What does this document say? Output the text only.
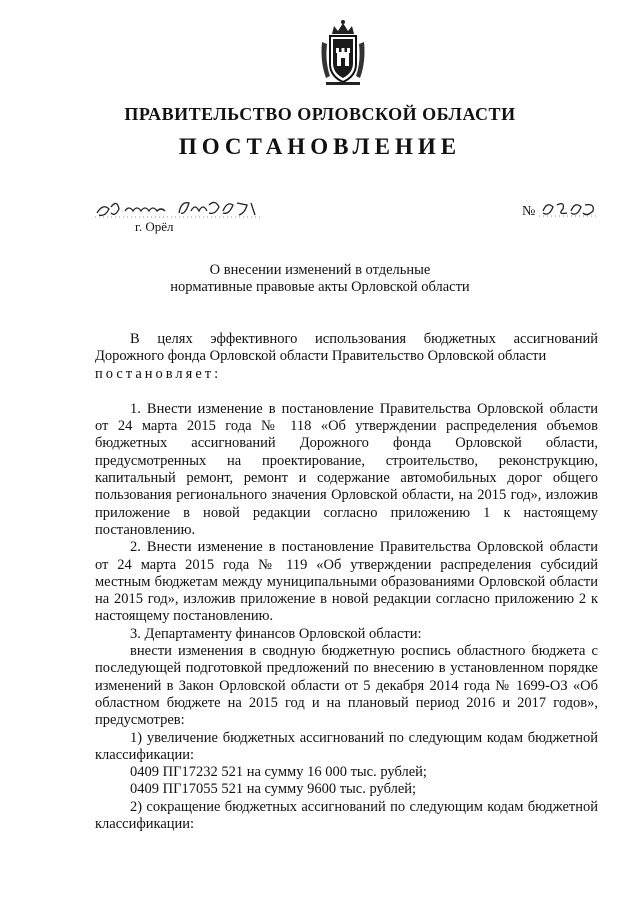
ПРАВИТЕЛЬСТВО ОРЛОВСКОЙ ОБЛАСТИ
ПОСТАНОВЛЕНИЕ
№
г. Орёл
О внесении изменений в отдельные
нормативные правовые акты Орловской области

В целях эффективного использования бюджетных ассигнований Дорожного фонда Орловской области Правительство Орловской области

постановляет:

1. Внести изменение в постановление Правительства Орловской области от 24 марта 2015 года № 118 «Об утверждении распределения объемов бюджетных ассигнований Дорожного фонда Орловской области, предусмотренных на проектирование, строительство, реконструкцию, капитальный ремонт, ремонт и содержание автомобильных дорог общего пользования регионального значения Орловской области, на 2015 год», изложив приложение в новой редакции согласно приложению 1 к настоящему постановлению.

2. Внести изменение в постановление Правительства Орловской области от 24 марта 2015 года № 119 «Об утверждении распределения субсидий местным бюджетам между муниципальными образованиями Орловской области на 2015 год», изложив приложение в новой редакции согласно приложению 2 к настоящему постановлению.

3. Департаменту финансов Орловской области:

внести изменения в сводную бюджетную роспись областного бюджета с последующей подготовкой предложений по внесению в установленном порядке изменений в Закон Орловской области от 5 декабря 2014 года № 1699-ОЗ «Об областном бюджете на 2015 год и на плановый период 2016 и 2017 годов», предусмотрев:

1) увеличение бюджетных ассигнований по следующим кодам бюджетной классификации:

0409 ПГ17232 521 на сумму 16 000 тыс. рублей;

0409 ПГ17055 521 на сумму 9600 тыс. рублей;

2) сокращение бюджетных ассигнований по следующим кодам бюджетной классификации:
